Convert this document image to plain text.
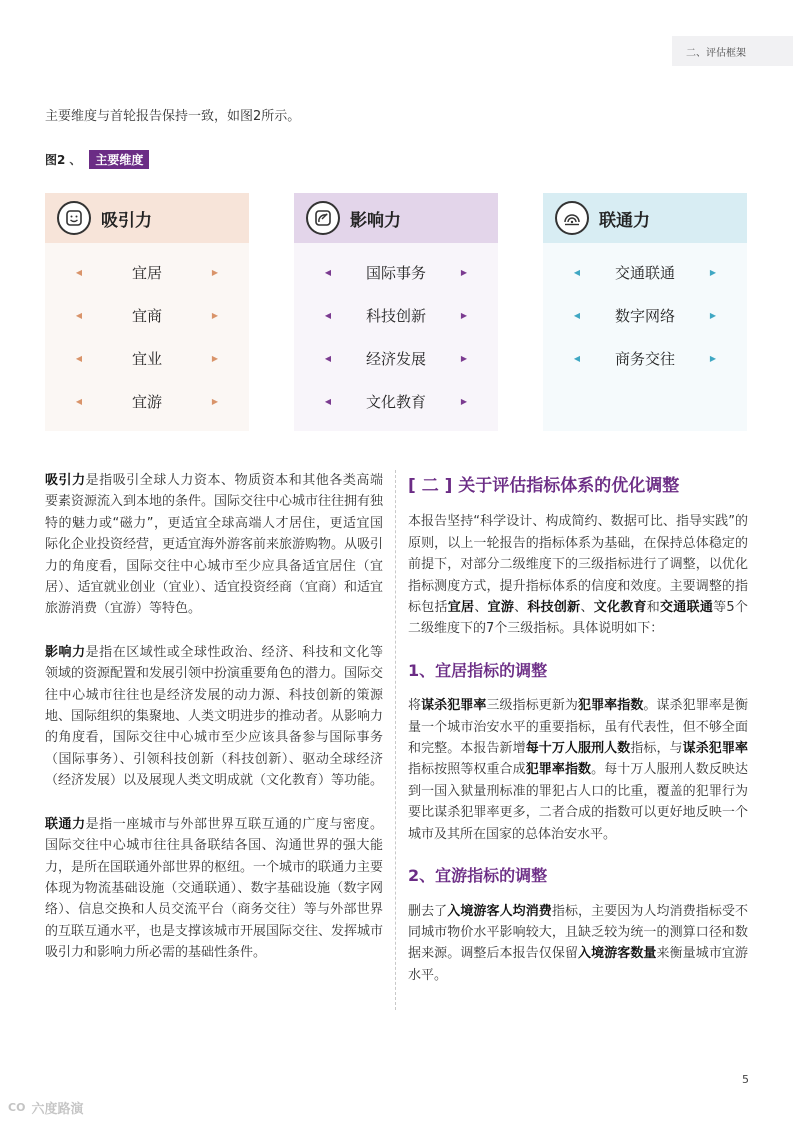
二、评估框架

主要维度与首轮报告保持一致，如图2所示。

图2 、	主要维度
吸引力
◀	宜居	▶
◀	宜商	▶
◀	宜业	▶
◀	宜游	▶
影响力
◀	国际事务	▶
◀	科技创新	▶
◀	经济发展	▶
◀	文化教育	▶
联通力
◀	交通联通	▶
◀	数字网络	▶
◀	商务交往	▶

吸引力是指吸引全球人力资本、物质资本和其他各类高端要素资源流入到本地的条件。国际交往中心城市往往拥有独特的魅力或“磁力”，更适宜全球高端人才居住，更适宜国际化企业投资经营，更适宜海外游客前来旅游购物。从吸引力的角度看，国际交往中心城市至少应具备适宜居住（宜居）、适宜就业创业（宜业）、适宜投资经商（宜商）和适宜旅游消费（宜游）等特色。

影响力是指在区域性或全球性政治、经济、科技和文化等领域的资源配置和发展引领中扮演重要角色的潜力。国际交往中心城市往往也是经济发展的动力源、科技创新的策源地、国际组织的集聚地、人类文明进步的推动者。从影响力的角度看，国际交往中心城市至少应该具备参与国际事务（国际事务）、引领科技创新（科技创新）、驱动全球经济（经济发展）以及展现人类文明成就（文化教育）等功能。

联通力是指一座城市与外部世界互联互通的广度与密度。国际交往中心城市往往具备联结各国、沟通世界的强大能力，是所在国联通外部世界的枢纽。一个城市的联通力主要体现为物流基础设施（交通联通）、数字基础设施（数字网络）、信息交换和人员交流平台（商务交往）等与外部世界的互联互通水平，也是支撑该城市开展国际交往、发挥城市吸引力和影响力所必需的基础性条件。

[ 二 ] 关于评估指标体系的优化调整

本报告坚持“科学设计、构成简约、数据可比、指导实践”的原则，以上一轮报告的指标体系为基础，在保持总体稳定的前提下，对部分二级维度下的三级指标进行了调整，以优化指标测度方式，提升指标体系的信度和效度。主要调整的指标包括宜居、宜游、科技创新、文化教育和交通联通等5个二级维度下的7个三级指标。具体说明如下：

1、宜居指标的调整

将谋杀犯罪率三级指标更新为犯罪率指数。谋杀犯罪率是衡量一个城市治安水平的重要指标，虽有代表性，但不够全面和完整。本报告新增每十万人服刑人数指标，与谋杀犯罪率指标按照等权重合成犯罪率指数。每十万人服刑人数反映达到一国入狱量刑标准的罪犯占人口的比重，覆盖的犯罪行为要比谋杀犯罪率更多，二者合成的指数可以更好地反映一个城市及其所在国家的总体治安水平。

2、宜游指标的调整

删去了入境游客人均消费指标，主要因为人均消费指标受不同城市物价水平影响较大，且缺乏较为统一的测算口径和数据来源。调整后本报告仅保留入境游客数量来衡量城市宜游水平。

5
CO 六度路演
